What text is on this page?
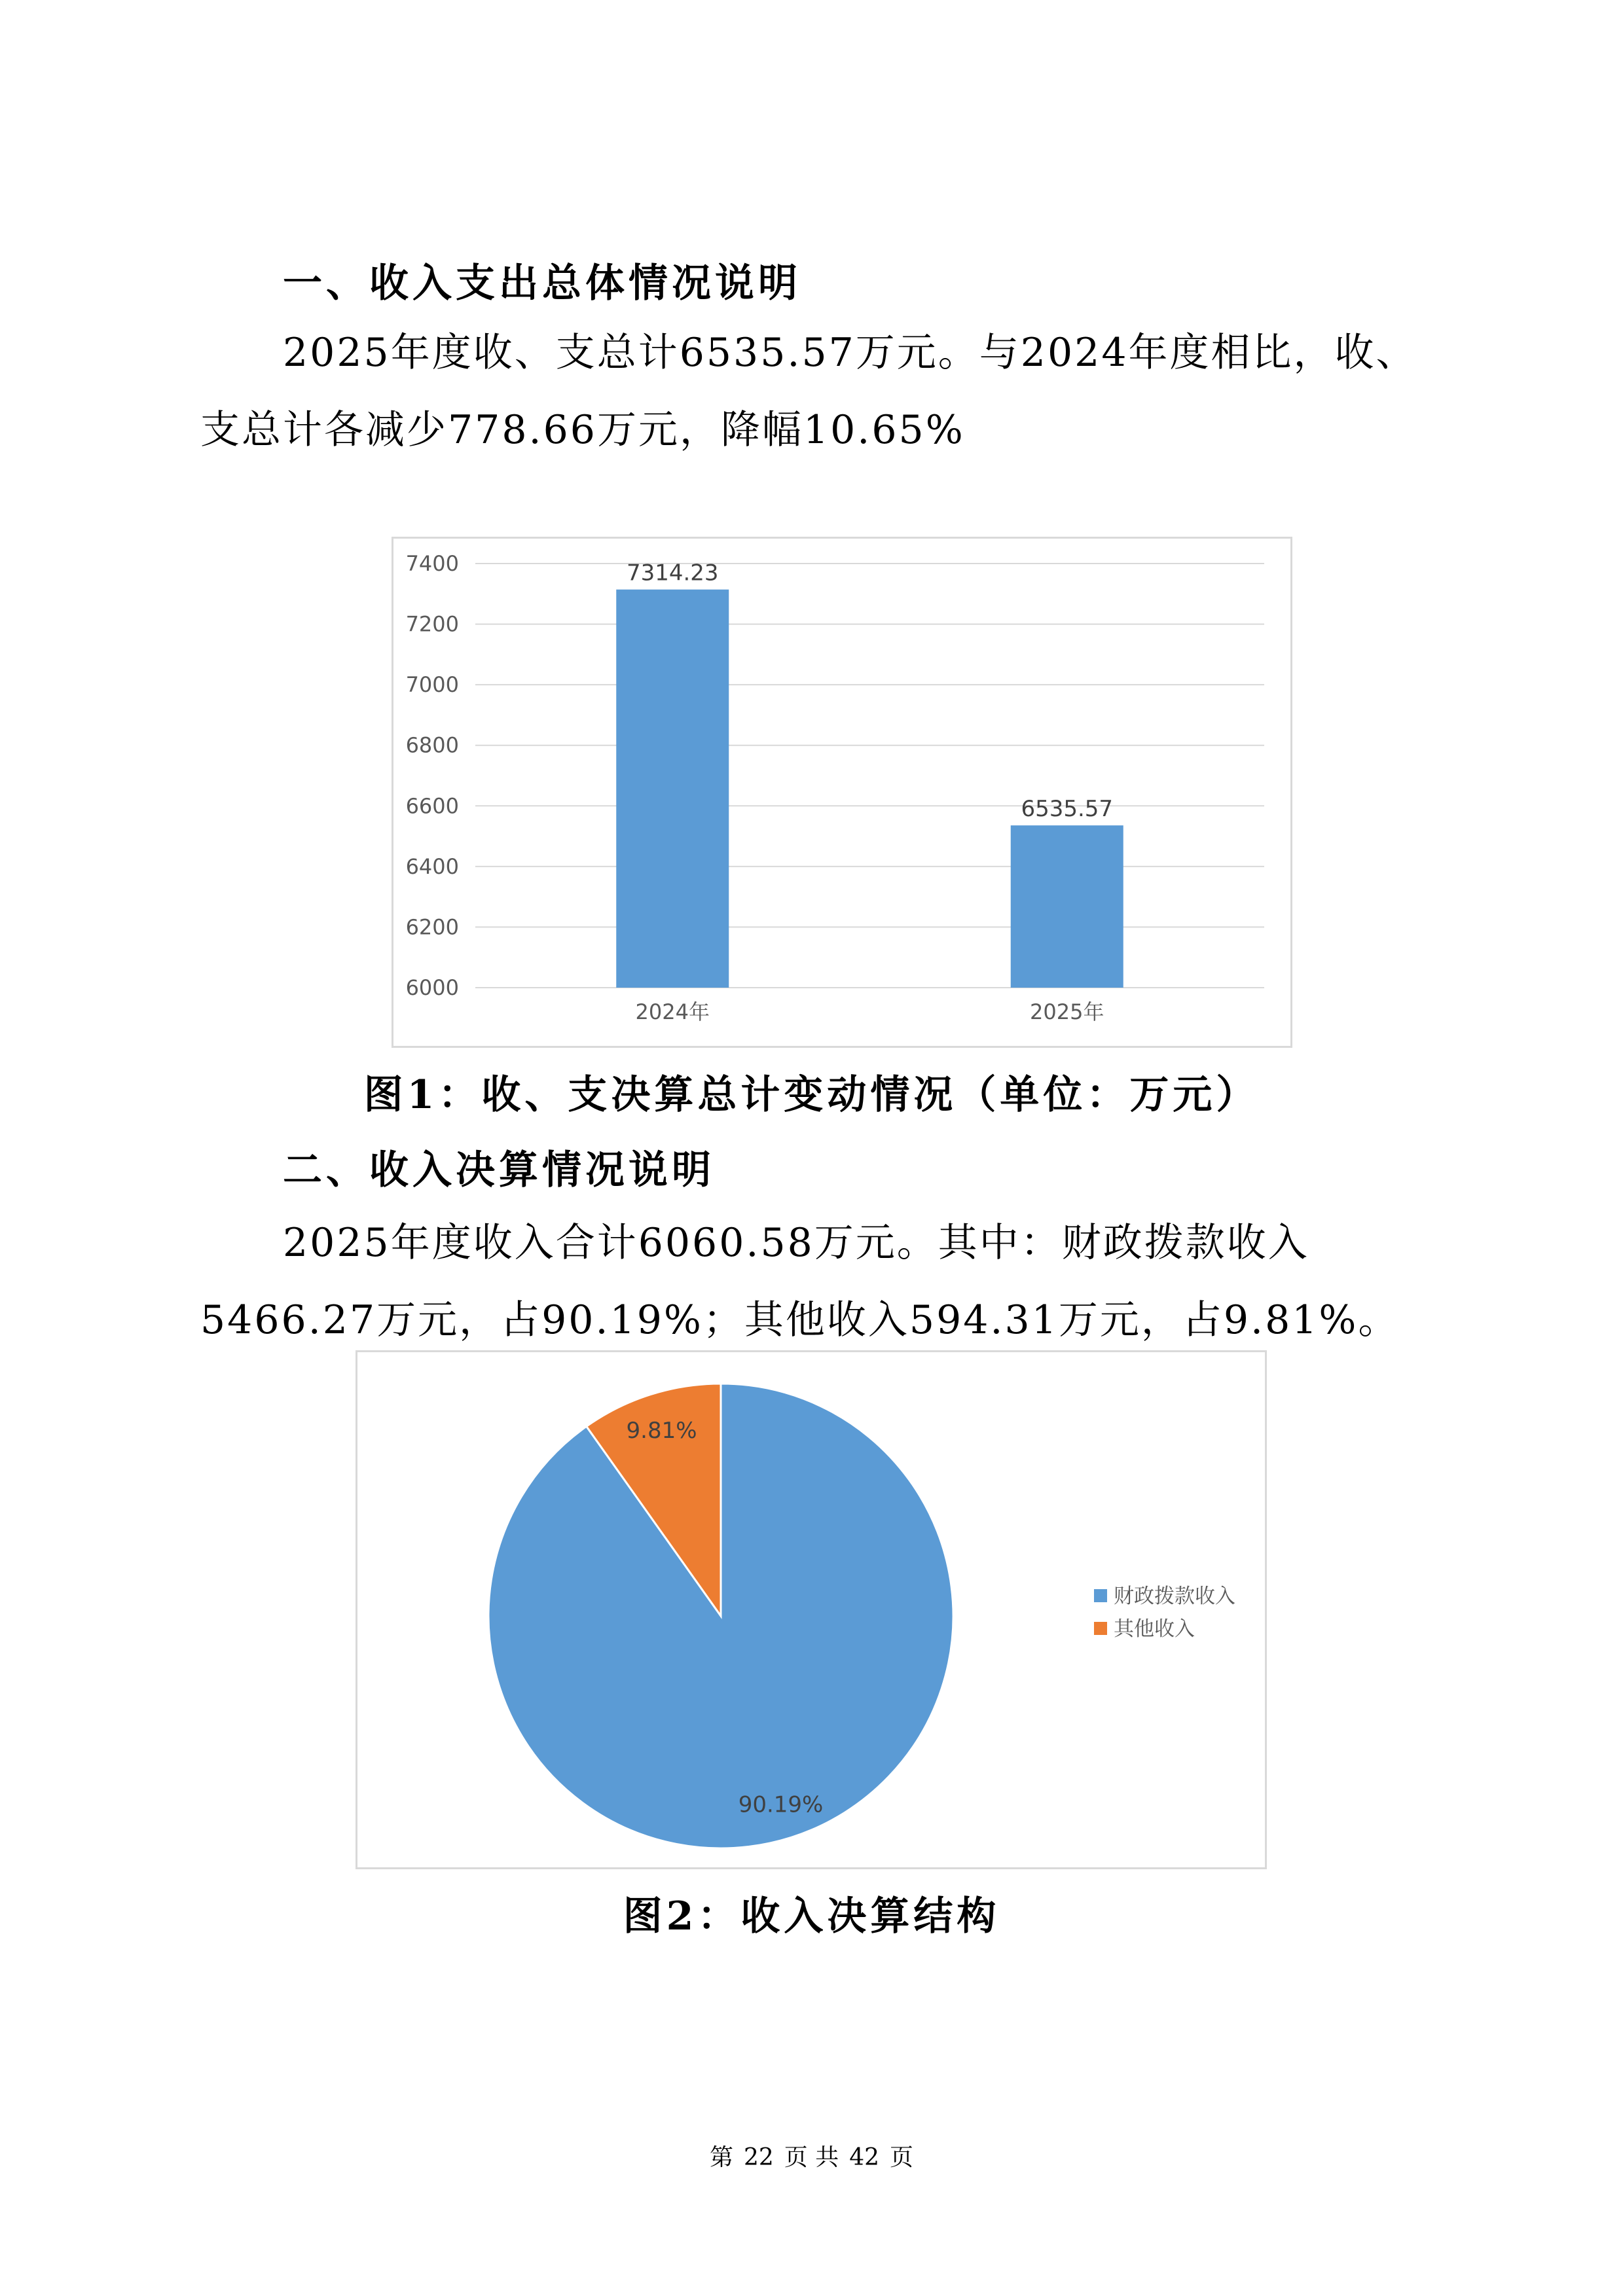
一、收入支出总体情况说明
2025年度收、支总计6535.57万元。与2024年度相比，收、支总计各减少778.66万元，降幅10.65%
6000
6200
6400
6600
6800
7000
7200
7400	7314.23
2024年
6535.57
2025年
图1：收、支决算总计变动情况（单位：万元）
二、收入决算情况说明
2025年度收入合计6060.58万元。其中：财政拨款收入5466.27万元，占90.19%；其他收入594.31万元，占9.81%。
90.19%
9.81%
财政拨款收入
其他收入
图2：收入决算结构
第 22 页 共 42 页
